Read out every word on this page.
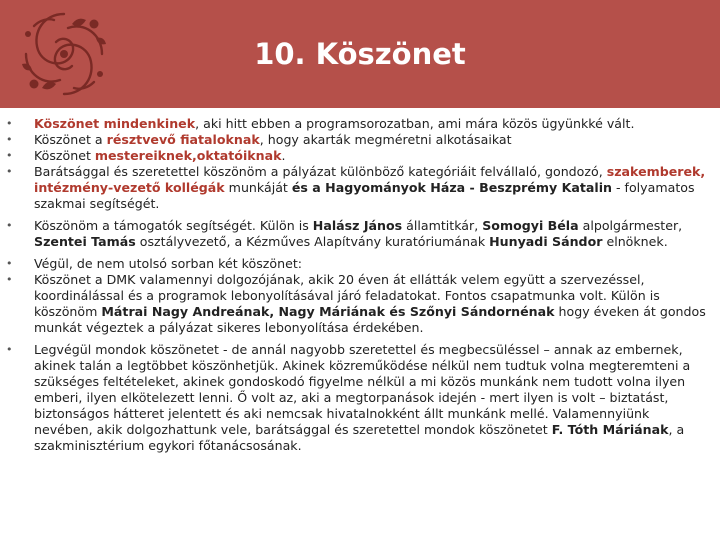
10. Köszönet
• Köszönet mindenkinek, aki hitt ebben a programsorozatban, ami mára közös ügyünkké vált.
• Köszönet a résztvevő fiataloknak, hogy akarták megméretni alkotásaikat
• Köszönet mestereiknek,oktatóiknak.
• Barátsággal és szeretettel köszönöm a pályázat különböző kategóriáit felvállaló, gondozó, szakemberek, intézmény-vezető kollégák munkáját és a Hagyományok Háza - Beszprémy Katalin - folyamatos szakmai segítségét.
• Köszönöm a támogatók segítségét. Külön is Halász János államtitkár, Somogyi Béla alpolgármester, Szentei Tamás osztályvezető, a Kézműves Alapítvány kuratóriumának Hunyadi Sándor elnöknek.
• Végül, de nem utolsó sorban két köszönet:
• Köszönet a DMK valamennyi dolgozójának, akik 20 éven át ellátták velem együtt a szervezéssel, koordinálással és a programok lebonyolításával járó feladatokat. Fontos csapatmunka volt. Külön is köszönöm Mátrai Nagy Andreának, Nagy Máriának és Szőnyi Sándornénak hogy éveken át gondos munkát végeztek a pályázat sikeres lebonyolítása érdekében.
• Legvégül mondok köszönetet - de annál nagyobb szeretettel és megbecsüléssel – annak az embernek, akinek talán a legtöbbet köszönhetjük. Akinek közreműködése nélkül nem tudtuk volna megteremteni a szükséges feltételeket, akinek gondoskodó figyelme nélkül a mi közös munkánk nem tudott volna ilyen emberi, ilyen elkötelezett lenni. Ő volt az, aki a megtorpanások idején - mert ilyen is volt – biztatást, biztonságos hátteret jelentett és aki nemcsak hivatalnokként állt munkánk mellé. Valamennyiünk nevében, akik dolgozhattunk vele, barátsággal és szeretettel mondok köszönetet F. Tóth Máriának, a szakminisztérium egykori főtanácsosának.
